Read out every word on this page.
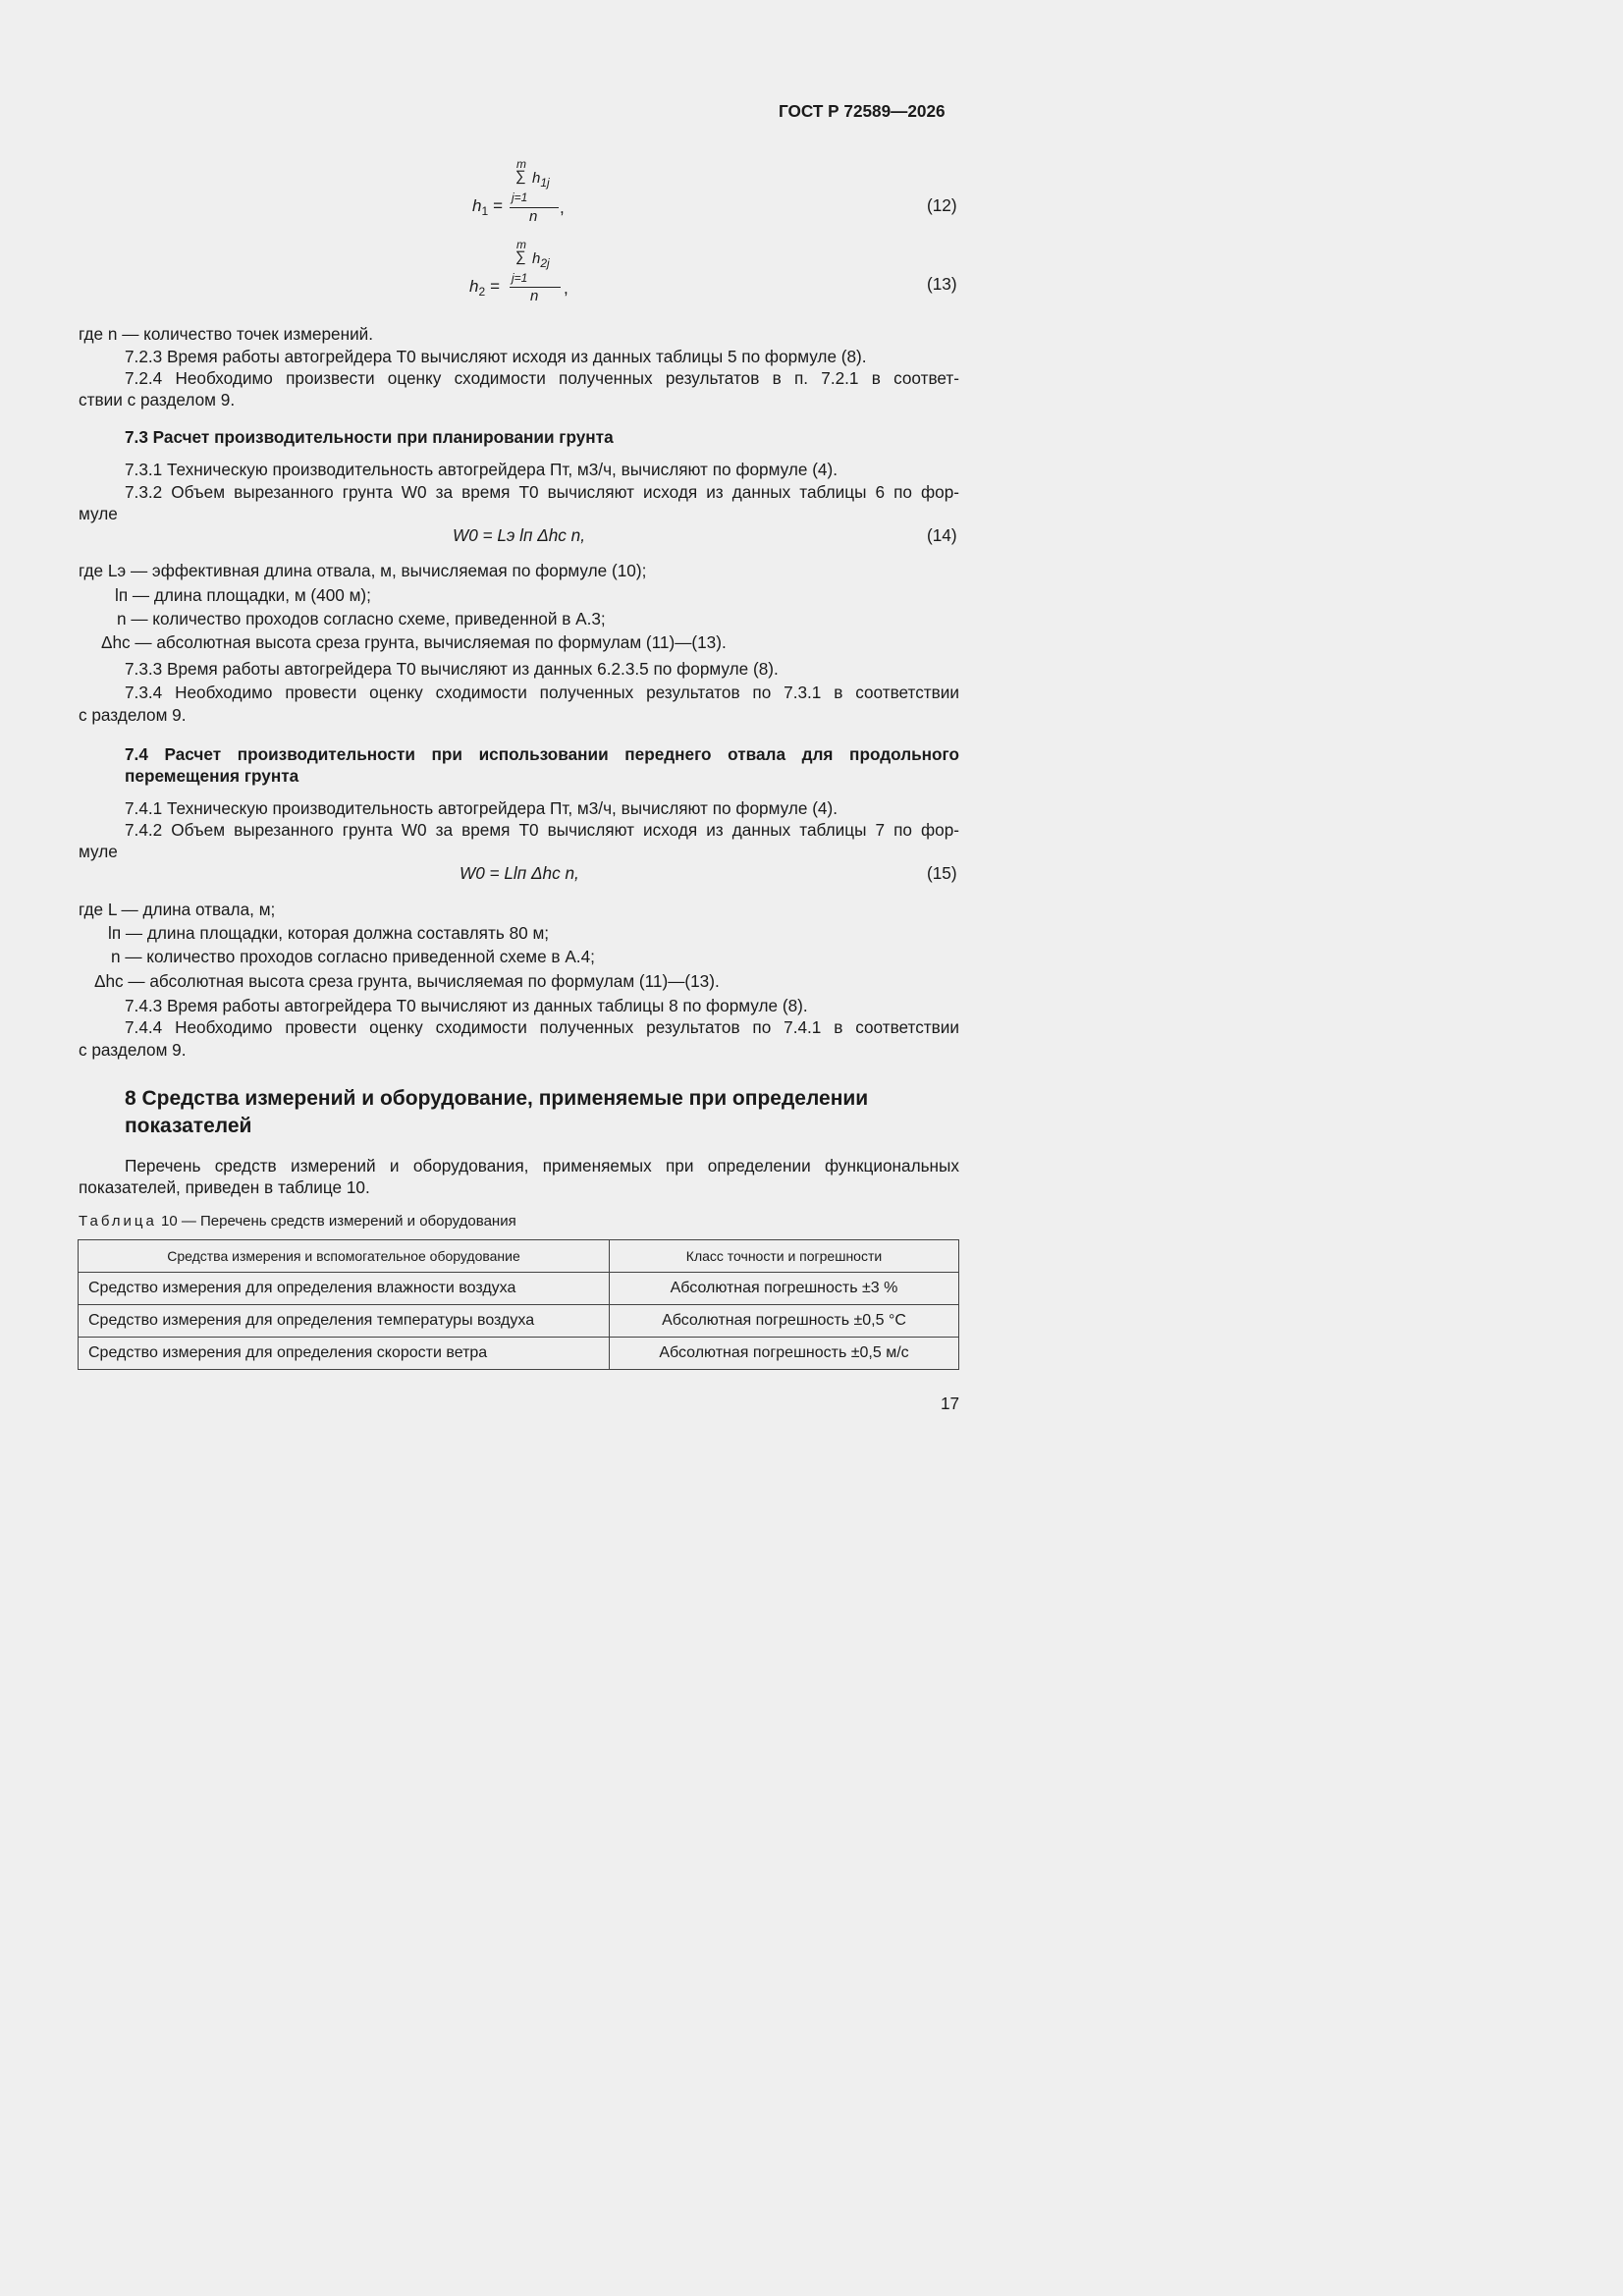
ГОСТ Р 72589—2026
m
∑ $h_{1j}$
j=1
n
$h_1$ =	,	(12)
m
∑ $h_{2j}$
j=1
n
$h_2$ =	,	(13)
где n — количество точек измерений.
7.2.3 Время работы автогрейдера T0 вычисляют исходя из данных таблицы 5 по формуле (8).
7.2.4 Необходимо произвести оценку сходимости полученных результатов в п. 7.2.1 в соответ-
ствии с разделом 9.
7.3 Расчет производительности при планировании грунта
7.3.1 Техническую производительность автогрейдера Пт, м3/ч, вычисляют по формуле (4).
7.3.2 Объем вырезанного грунта W0 за время T0 вычисляют исходя из данных таблицы 6 по фор-
муле
W0 = Lэ lп Δhc n,	(14)
где Lэ — эффективная длина отвала, м, вычисляемая по формуле (10);
lп — длина площадки, м (400 м);
n — количество проходов согласно схеме, приведенной в А.3;
Δhc — абсолютная высота среза грунта, вычисляемая по формулам (11)—(13).
7.3.3 Время работы автогрейдера T0 вычисляют из данных 6.2.3.5 по формуле (8).
7.3.4 Необходимо провести оценку сходимости полученных результатов по 7.3.1 в соответствии
с разделом 9.
7.4 Расчет производительности при использовании переднего отвала для продольного
перемещения грунта
7.4.1 Техническую производительность автогрейдера Пт, м3/ч, вычисляют по формуле (4).
7.4.2 Объем вырезанного грунта W0 за время T0 вычисляют исходя из данных таблицы 7 по фор-
муле
W0 = Llп Δhc n,	(15)
где L — длина отвала, м;
lп — длина площадки, которая должна составлять 80 м;
n — количество проходов согласно приведенной схеме в А.4;
Δhc — абсолютная высота среза грунта, вычисляемая по формулам (11)—(13).
7.4.3 Время работы автогрейдера T0 вычисляют из данных таблицы 8 по формуле (8).
7.4.4 Необходимо провести оценку сходимости полученных результатов по 7.4.1 в соответствии
с разделом 9.
8 Средства измерений и оборудование, применяемые при определении
показателей
Перечень средств измерений и оборудования, применяемых при определении функциональных
показателей, приведен в таблице 10.
Таблица 10 — Перечень средств измерений и оборудования
Средства измерения и вспомогательное оборудование	Класс точности и погрешности
Средство измерения для определения влажности воздуха	Абсолютная погрешность ±3 %
Средство измерения для определения температуры воздуха	Абсолютная погрешность ±0,5 °C
Средство измерения для определения скорости ветра	Абсолютная погрешность ±0,5 м/с
17
